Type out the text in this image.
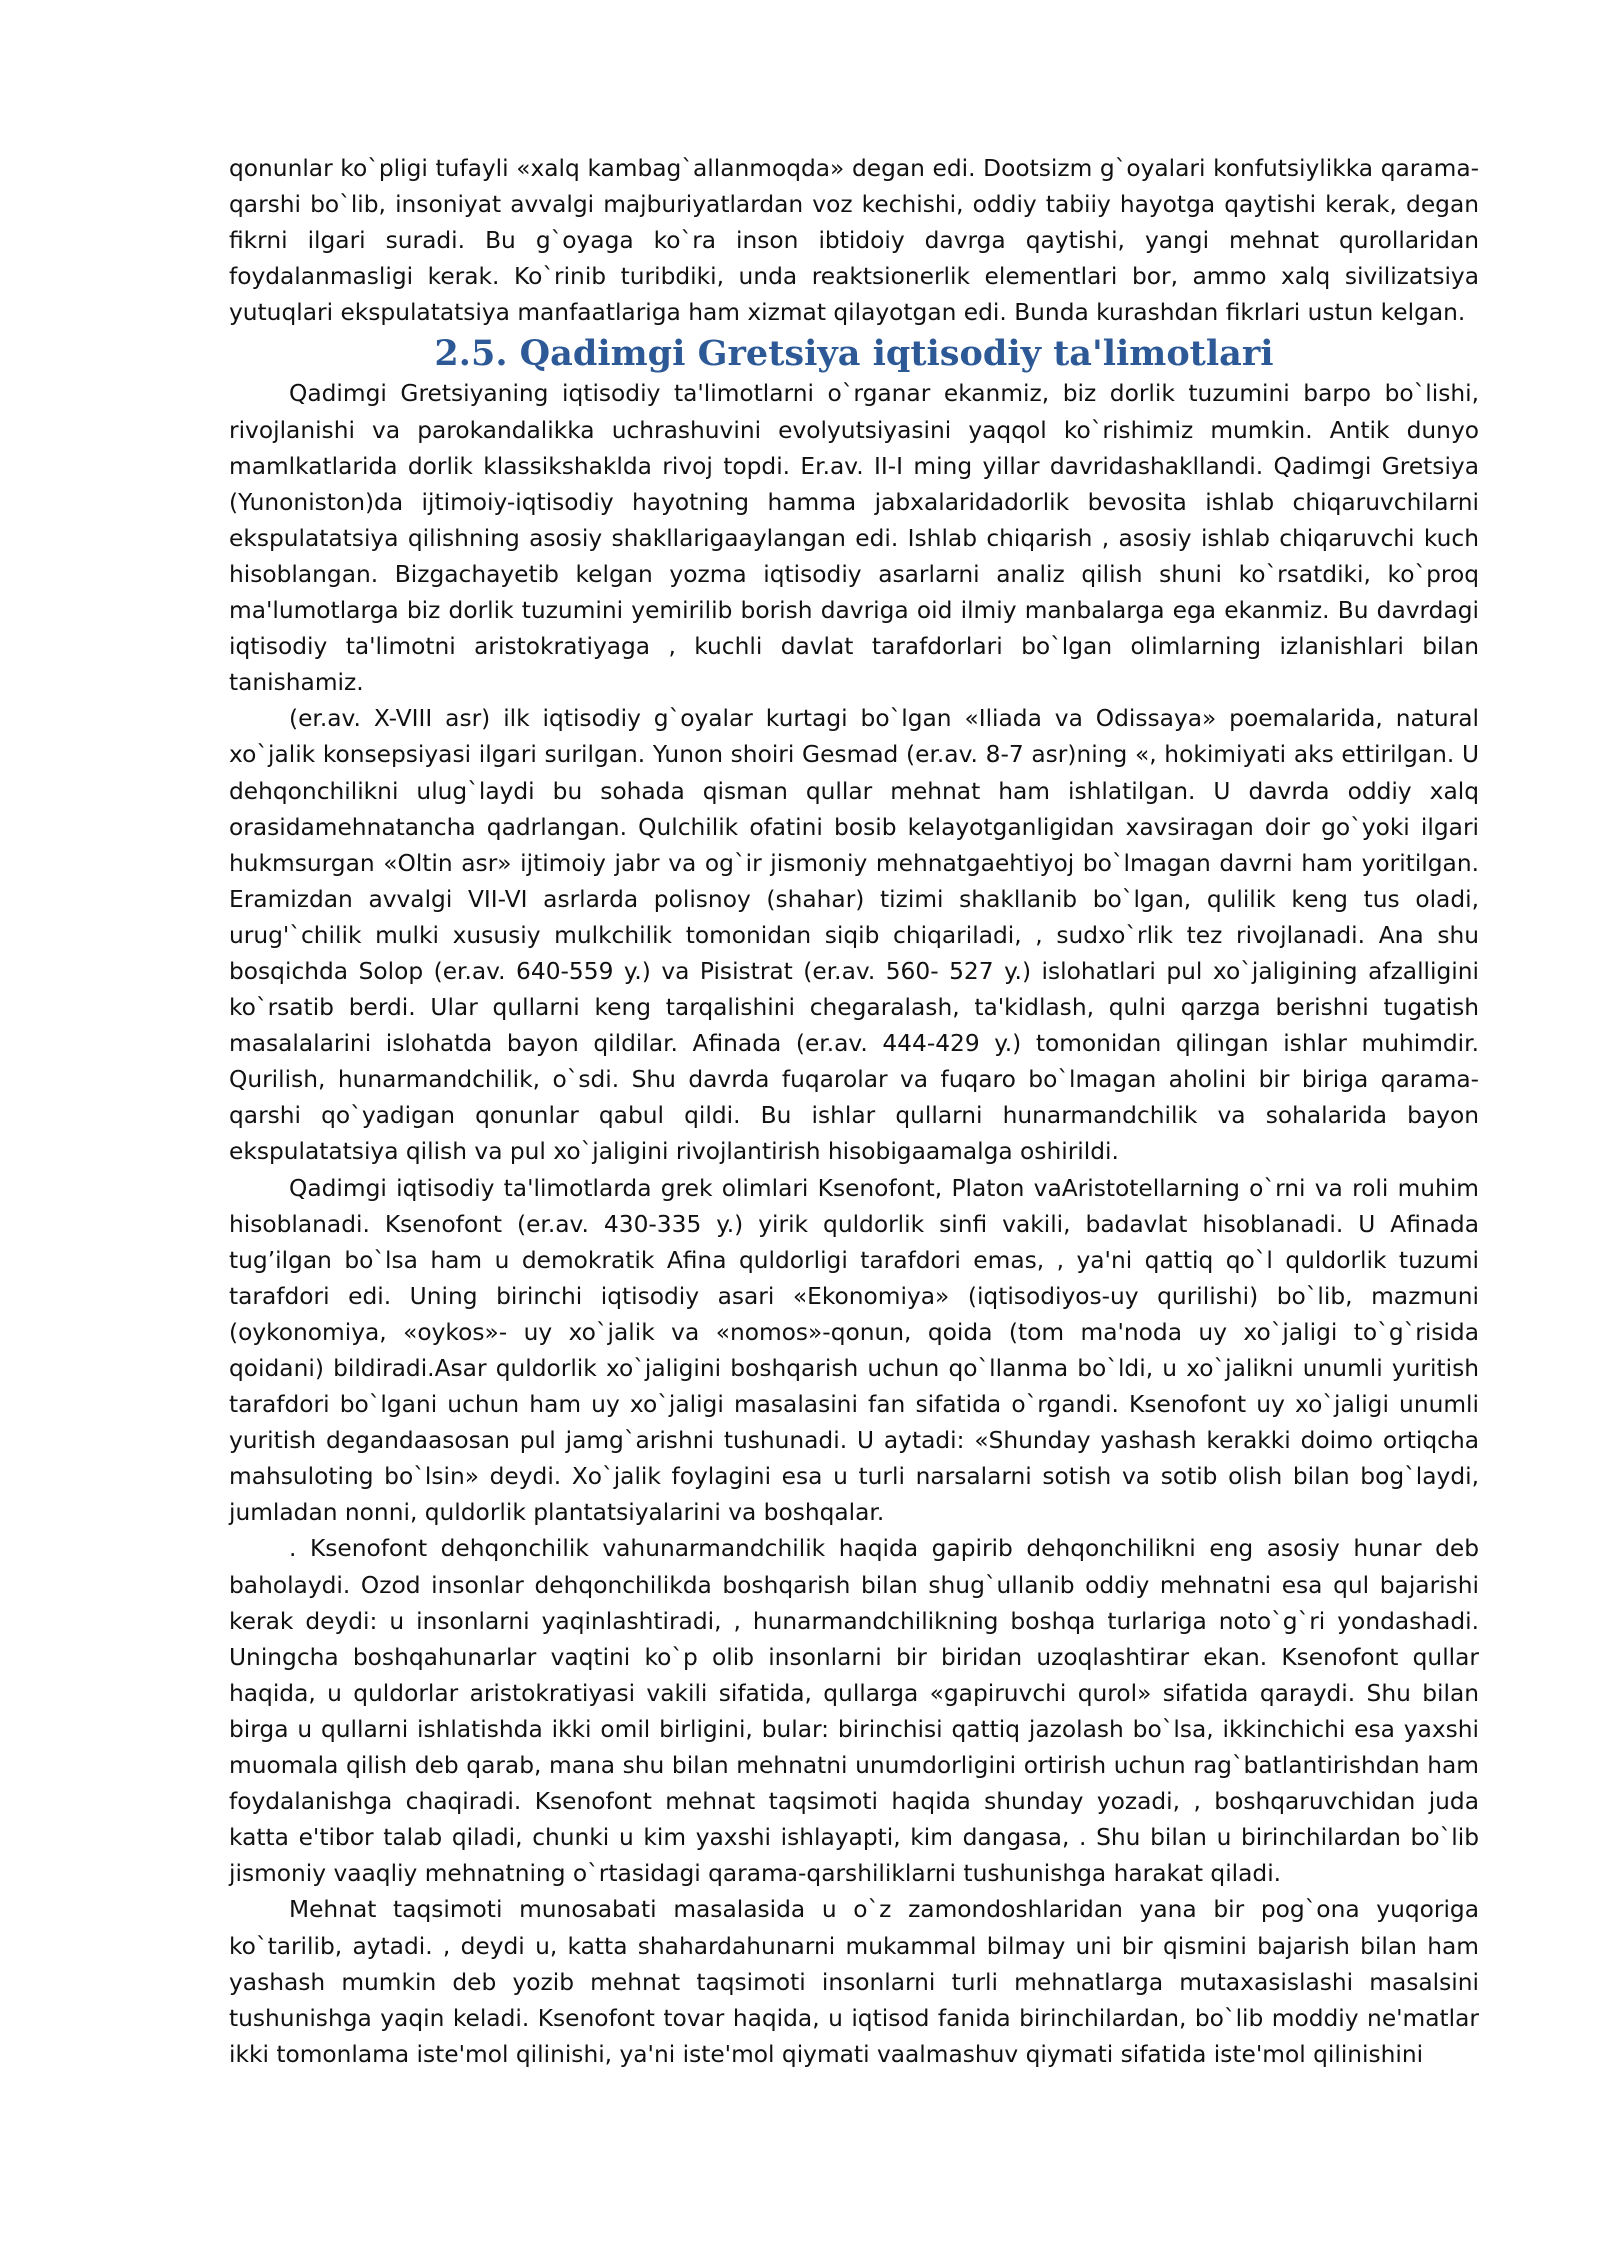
qonunlar ko`pligi tufayli «xalq kambag`allanmoqda» degan edi. Dootsizm g`oyalari konfutsiylikka qarama-qarshi bo`lib, insoniyat avvalgi majburiyatlardan voz kechishi, oddiy tabiiy hayotga qaytishi kerak, degan fikrni ilgari suradi. Bu g`oyaga ko`ra inson ibtidoiy davrga qaytishi, yangi mehnat qurollaridan foydalanmasligi kerak. Ko`rinib turibdiki, unda reaktsionerlik elementlari bor, ammo xalq sivilizatsiya yutuqlari ekspulatatsiya manfaatlariga ham xizmat qilayotgan edi. Bunda kurashdan fikrlari ustun kelgan.

2.5. Qadimgi Gretsiya iqtisodiy ta'limotlari

Qadimgi Gretsiyaning iqtisodiy ta'limotlarni o`rganar ekanmiz, biz dorlik tuzumini barpo bo`lishi, rivojlanishi va parokandalikka uchrashuvini evolyutsiyasini yaqqol ko`rishimiz mumkin. Antik dunyo mamlkatlarida dorlik klassikshaklda rivoj topdi. Er.av. II-I ming yillar davridashakllandi. Qadimgi Gretsiya (Yunoniston)da ijtimoiy-iqtisodiy hayotning hamma jabxalaridadorlik bevosita ishlab chiqaruvchilarni ekspulatatsiya qilishning asosiy shakllarigaaylangan edi. Ishlab chiqarish , asosiy ishlab chiqaruvchi kuch hisoblangan. Bizgachayetib kelgan yozma iqtisodiy asarlarni analiz qilish shuni ko`rsatdiki, ko`proq ma'lumotlarga biz dorlik tuzumini yemirilib borish davriga oid ilmiy manbalarga ega ekanmiz. Bu davrdagi iqtisodiy ta'limotni aristokratiyaga , kuchli davlat tarafdorlari bo`lgan olimlarning izlanishlari bilan tanishamiz.

(er.av. X-VIII asr) ilk iqtisodiy g`oyalar kurtagi bo`lgan «Iliada va Odissaya» poemalarida, natural xo`jalik konsepsiyasi ilgari surilgan. Yunon shoiri Gesmad (er.av. 8-7 asr)ning «, hokimiyati aks ettirilgan. U dehqonchilikni ulug`laydi bu sohada qisman qullar mehnat ham ishlatilgan. U davrda oddiy xalq orasidamehnatancha qadrlangan. Qulchilik ofatini bosib kelayotganligidan xavsiragan doir go`yoki ilgari hukmsurgan «Oltin asr» ijtimoiy jabr va og`ir jismoniy mehnatgaehtiyoj bo`lmagan davrni ham yoritilgan. Eramizdan avvalgi VII-VI asrlarda polisnoy (shahar) tizimi shakllanib bo`lgan, qulilik keng tus oladi, urug'`chilik mulki xususiy mulkchilik tomonidan siqib chiqariladi, , sudxo`rlik tez rivojlanadi. Ana shu bosqichda Solop (er.av. 640-559 y.) va Pisistrat (er.av. 560- 527 y.) islohatlari pul xo`jaligining afzalligini ko`rsatib berdi. Ular qullarni keng tarqalishini chegaralash, ta'kidlash, qulni qarzga berishni tugatish masalalarini islohatda bayon qildilar. Afinada (er.av. 444-429 y.) tomonidan qilingan ishlar muhimdir. Qurilish, hunarmandchilik, o`sdi. Shu davrda fuqarolar va fuqaro bo`lmagan aholini bir biriga qarama-qarshi qo`yadigan qonunlar qabul qildi. Bu ishlar qullarni hunarmandchilik va sohalarida bayon ekspulatatsiya qilish va pul xo`jaligini rivojlantirish hisobigaamalga oshirildi.

Qadimgi iqtisodiy ta'limotlarda grek olimlari Ksenofont, Platon vaAristotellarning o`rni va roli muhim hisoblanadi. Ksenofont (er.av. 430-335 y.) yirik quldorlik sinfi vakili, badavlat hisoblanadi. U Afinada tug’ilgan bo`lsa ham u demokratik Afina quldorligi tarafdori emas, , ya'ni qattiq qo`l quldorlik tuzumi tarafdori edi. Uning birinchi iqtisodiy asari «Ekonomiya» (iqtisodiyos-uy qurilishi) bo`lib, mazmuni (oykonomiya, «oykos»- uy xo`jalik va «nomos»-qonun, qoida (tom ma'noda uy xo`jaligi to`g`risida qoidani) bildiradi.Asar quldorlik xo`jaligini boshqarish uchun qo`llanma bo`ldi, u xo`jalikni unumli yuritish tarafdori bo`lgani uchun ham uy xo`jaligi masalasini fan sifatida o`rgandi. Ksenofont uy xo`jaligi unumli yuritish degandaasosan pul jamg`arishni tushunadi. U aytadi: «Shunday yashash kerakki doimo ortiqcha mahsuloting bo`lsin» deydi. Xo`jalik foylagini esa u turli narsalarni sotish va sotib olish bilan bog`laydi, jumladan nonni, quldorlik plantatsiyalarini va boshqalar.

. Ksenofont dehqonchilik vahunarmandchilik haqida gapirib dehqonchilikni eng asosiy hunar deb baholaydi. Ozod insonlar dehqonchilikda boshqarish bilan shug`ullanib oddiy mehnatni esa qul bajarishi kerak deydi: u insonlarni yaqinlashtiradi, , hunarmandchilikning boshqa turlariga noto`g`ri yondashadi. Uningcha boshqahunarlar vaqtini ko`p olib insonlarni bir biridan uzoqlashtirar ekan. Ksenofont qullar haqida, u quldorlar aristokratiyasi vakili sifatida, qullarga «gapiruvchi qurol» sifatida qaraydi. Shu bilan birga u qullarni ishlatishda ikki omil birligini, bular: birinchisi qattiq jazolash bo`lsa, ikkinchichi esa yaxshi muomala qilish deb qarab, mana shu bilan mehnatni unumdorligini ortirish uchun rag`batlantirishdan ham foydalanishga chaqiradi. Ksenofont mehnat taqsimoti haqida shunday yozadi, , boshqaruvchidan juda katta e'tibor talab qiladi, chunki u kim yaxshi ishlayapti, kim dangasa, . Shu bilan u birinchilardan bo`lib jismoniy vaaqliy mehnatning o`rtasidagi qarama-qarshiliklarni tushunishga harakat qiladi.

Mehnat taqsimoti munosabati masalasida u o`z zamondoshlaridan yana bir pog`ona yuqoriga ko`tarilib, aytadi. , deydi u, katta shahardahunarni mukammal bilmay uni bir qismini bajarish bilan ham yashash mumkin deb yozib mehnat taqsimoti insonlarni turli mehnatlarga mutaxasislashi masalsini tushunishga yaqin keladi. Ksenofont tovar haqida, u iqtisod fanida birinchilardan, bo`lib moddiy ne'matlar ikki tomonlama iste'mol qilinishi, ya'ni iste'mol qiymati vaalmashuv qiymati sifatida iste'mol qilinishini
